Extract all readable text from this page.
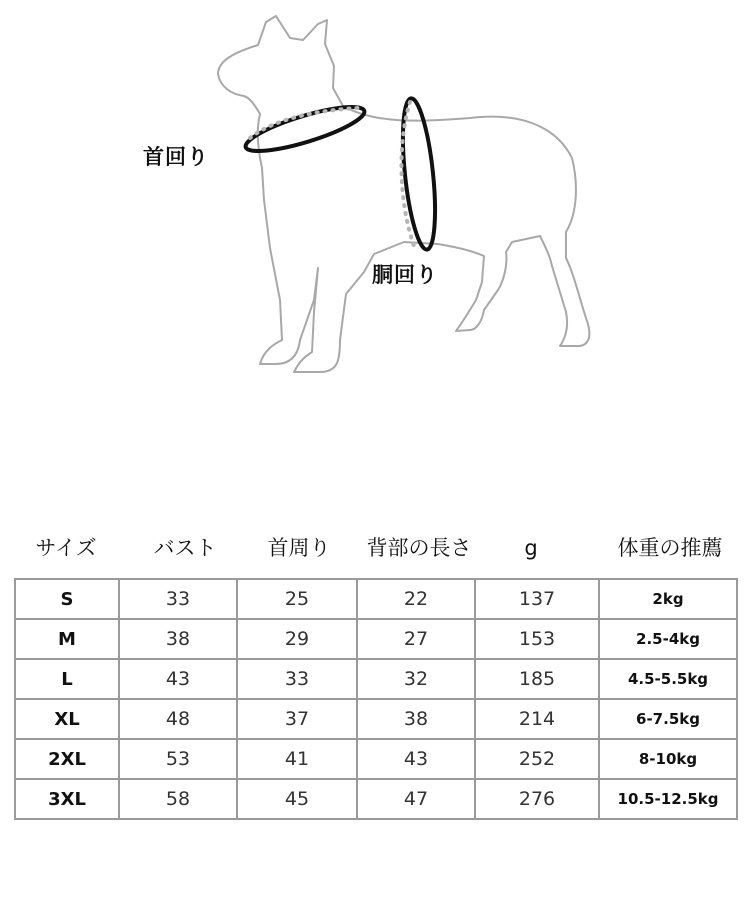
首回り
胴回り
サイズ	バスト	首周り	背部の長さ	g	体重の推薦
S	33	25	22	137	2kg
M	38	29	27	153	2.5-4kg
L	43	33	32	185	4.5-5.5kg
XL	48	37	38	214	6-7.5kg
2XL	53	41	43	252	8-10kg
3XL	58	45	47	276	10.5-12.5kg
